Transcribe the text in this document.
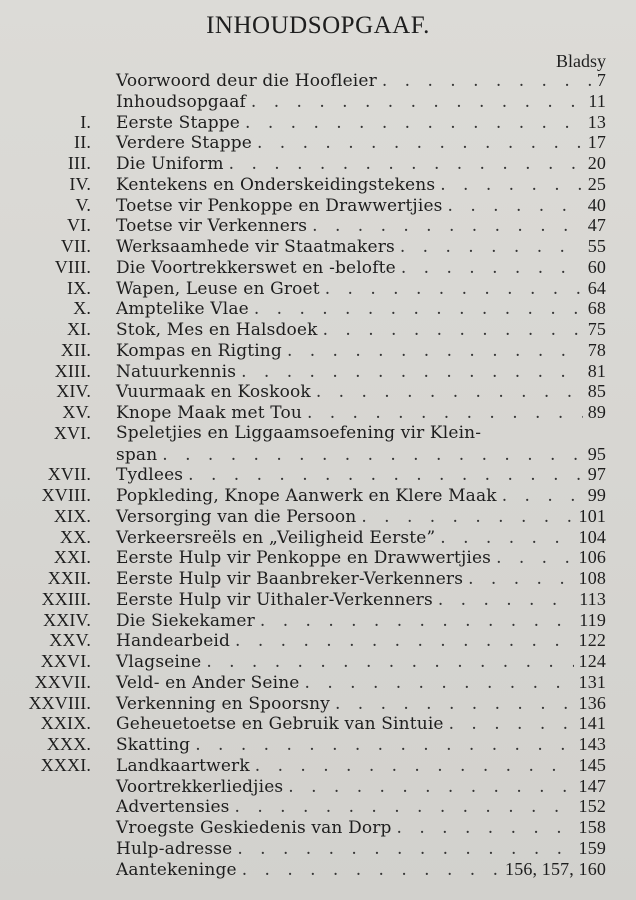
INHOUDSOPGAAF.
Bladsy
Voorwoord deur die Hoofleier . . .	7
Inhoudsopgaaf . . .	11
I. Eerste Stappe . . .	13
II. Verdere Stappe . . .	17
III. Die Uniform . . .	20
IV. Kentekens en Onderskeidingstekens . . .	25
V. Toetse vir Penkoppe en Drawwertjies . . .	40
VI. Toetse vir Verkenners . . .	47
VII. Werksaamhede vir Staatmakers . . .	55
VIII. Die Voortrekkerswet en -belofte . . .	60
IX. Wapen, Leuse en Groet . . .	64
X. Amptelike Vlae . . .	68
XI. Stok, Mes en Halsdoek . . .	75
XII. Kompas en Rigting . . .	78
XIII. Natuurkennis . . .	81
XIV. Vuurmaak en Koskook . . .	85
XV. Knope Maak met Tou . . .	89
XVI. Speletjies en Liggaamsoefening vir Klein-
span . . .	95
XVII. Tydlees . . .	97
XVIII. Popkleding, Knope Aanwerk en Klere Maak . . .	99
XIX. Versorging van die Persoon . . .	101
XX. Verkeersreëls en „Veiligheid Eerste” . . .	104
XXI. Eerste Hulp vir Penkoppe en Drawwertjies . . .	106
XXII. Eerste Hulp vir Baanbreker-Verkenners . . .	108
XXIII. Eerste Hulp vir Uithaler-Verkenners . . .	113
XXIV. Die Siekekamer . . .	119
XXV. Handearbeid . . .	122
XXVI. Vlagseine . . .	124
XXVII. Veld- en Ander Seine . . .	131
XXVIII. Verkenning en Spoorsny . . .	136
XXIX. Geheuetoetse en Gebruik van Sintuie . . .	141
XXX. Skatting . . .	143
XXXI. Landkaartwerk . . .	145
Voortrekkerliedjies . . .	147
Advertensies . . .	152
Vroegste Geskiedenis van Dorp . . .	158
Hulp-adresse . . .	159
Aantekeninge . . .	156, 157, 160
